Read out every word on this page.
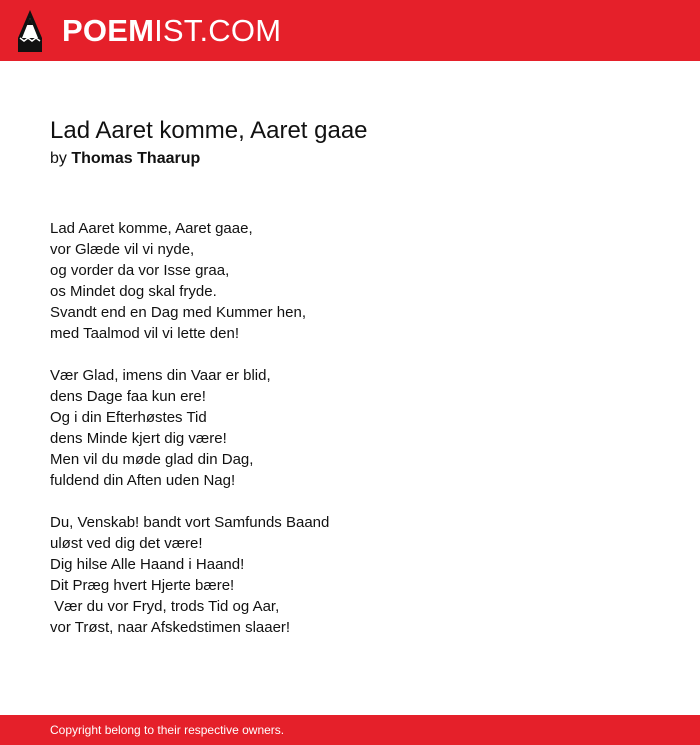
POEMIST.COM
Lad Aaret komme, Aaret gaae
by Thomas Thaarup
Lad Aaret komme, Aaret gaae,
vor Glæde vil vi nyde,
og vorder da vor Isse graa,
os Mindet dog skal fryde.
Svandt end en Dag med Kummer hen,
med Taalmod vil vi lette den!
Vær Glad, imens din Vaar er blid,
dens Dage faa kun ere!
Og i din Efterhøstes Tid
dens Minde kjert dig være!
Men vil du møde glad din Dag,
fuldend din Aften uden Nag!
Du, Venskab! bandt vort Samfunds Baand
uløst ved dig det være!
Dig hilse Alle Haand i Haand!
Dit Præg hvert Hjerte bære!
Vær du vor Fryd, trods Tid og Aar,
vor Trøst, naar Afskedstimen slaaer!
Copyright belong to their respective owners.
